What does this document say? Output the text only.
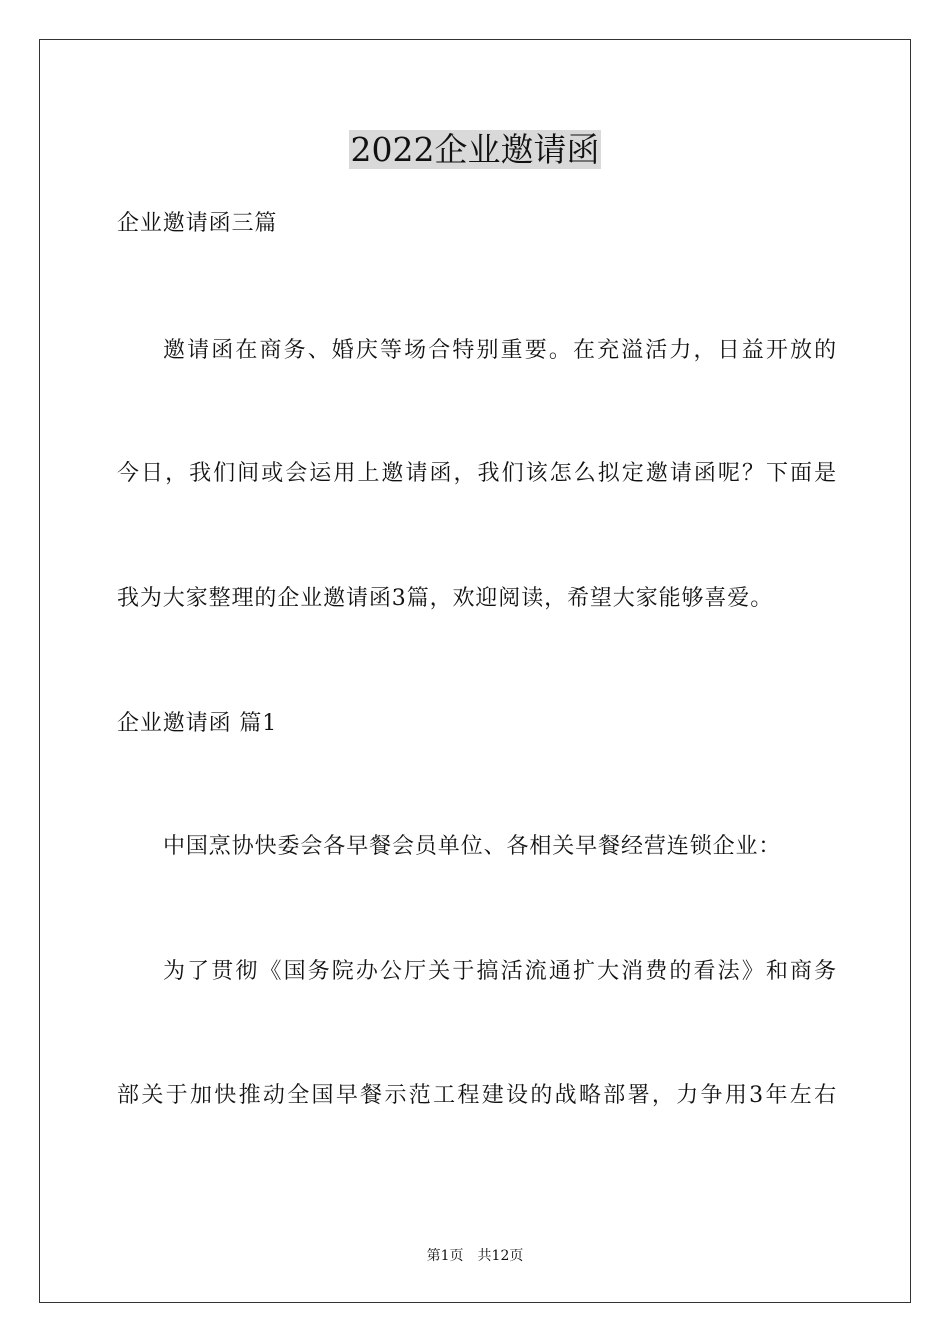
2022企业邀请函
企业邀请函三篇
邀请函在商务、婚庆等场合特别重要。在充溢活力，日益开放的
今日，我们间或会运用上邀请函，我们该怎么拟定邀请函呢？下面是
我为大家整理的企业邀请函3篇，欢迎阅读，希望大家能够喜爱。
企业邀请函 篇1
中国烹协快委会各早餐会员单位、各相关早餐经营连锁企业：
为了贯彻《国务院办公厅关于搞活流通扩大消费的看法》和商务
部关于加快推动全国早餐示范工程建设的战略部署，力争用3年左右
第1页　共12页
